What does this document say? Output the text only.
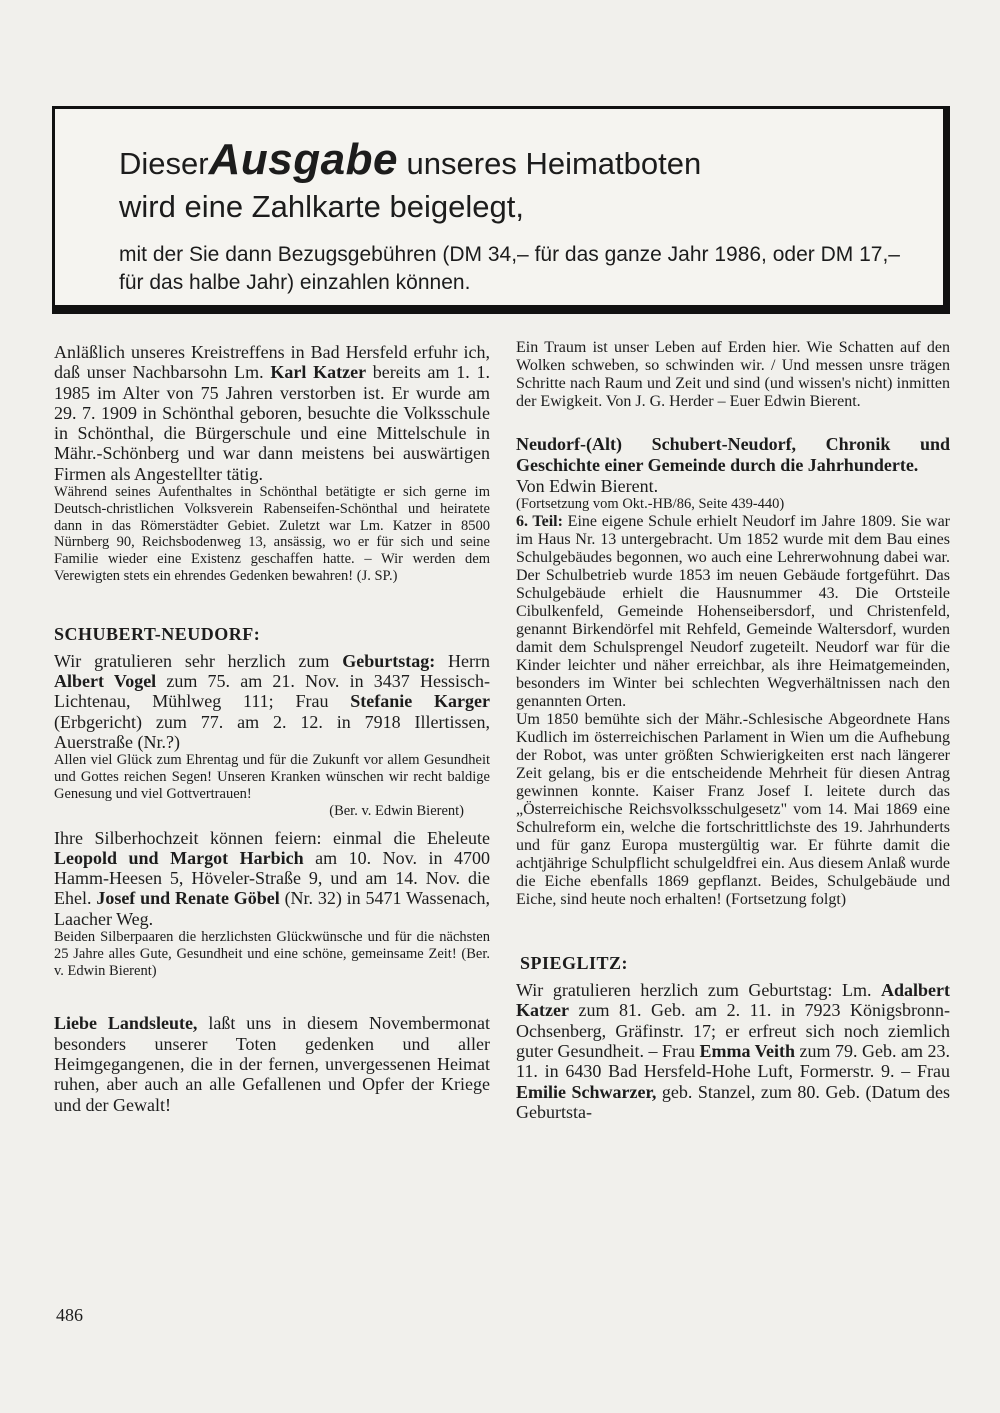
DieserAusgabe unseres Heimatboten
wird eine Zahlkarte beigelegt,
mit der Sie dann Bezugsgebühren (DM 34,– für das ganze Jahr 1986, oder DM 17,– für das halbe Jahr) einzahlen können.

Anläßlich unseres Kreistreffens in Bad Hersfeld erfuhr ich, daß unser Nachbarsohn Lm. Karl Katzer bereits am 1. 1. 1985 im Alter von 75 Jahren verstorben ist. Er wurde am 29. 7. 1909 in Schönthal geboren, besuchte die Volksschule in Schönthal, die Bürgerschule und eine Mittelschule in Mähr.-Schönberg und war dann meistens bei auswärtigen Firmen als Angestellter tätig.

Während seines Aufenthaltes in Schönthal betätigte er sich gerne im Deutsch-christlichen Volksverein Rabenseifen-Schönthal und heiratete dann in das Römerstädter Gebiet. Zuletzt war Lm. Katzer in 8500 Nürnberg 90, Reichsbodenweg 13, ansässig, wo er für sich und seine Familie wieder eine Existenz geschaffen hatte. – Wir werden dem Verewigten stets ein ehrendes Gedenken bewahren! (J. SP.)

SCHUBERT-NEUDORF:

Wir gratulieren sehr herzlich zum Geburtstag: Herrn Albert Vogel zum 75. am 21. Nov. in 3437 Hessisch-Lichtenau, Mühlweg 111; Frau Stefanie Karger (Erbgericht) zum 77. am 2. 12. in 7918 Illertissen, Auerstraße (Nr.?)

Allen viel Glück zum Ehrentag und für die Zukunft vor allem Gesundheit und Gottes reichen Segen! Unseren Kranken wünschen wir recht baldige Genesung und viel Gottvertrauen!

(Ber. v. Edwin Bierent)

Ihre Silberhochzeit können feiern: einmal die Eheleute Leopold und Margot Harbich am 10. Nov. in 4700 Hamm-Heesen 5, Höveler-Straße 9, und am 14. Nov. die Ehel. Josef und Renate Göbel (Nr. 32) in 5471 Wassenach, Laacher Weg.

Beiden Silberpaaren die herzlichsten Glückwünsche und für die nächsten 25 Jahre alles Gute, Gesundheit und eine schöne, gemeinsame Zeit! (Ber. v. Edwin Bierent)

Liebe Landsleute, laßt uns in diesem Novembermonat besonders unserer Toten gedenken und aller Heimgegangenen, die in der fernen, unvergessenen Heimat ruhen, aber auch an alle Gefallenen und Opfer der Kriege und der Gewalt!

Ein Traum ist unser Leben auf Erden hier. Wie Schatten auf den Wolken schweben, so schwinden wir. / Und messen unsre trägen Schritte nach Raum und Zeit und sind (und wissen's nicht) inmitten der Ewigkeit. Von J. G. Herder – Euer Edwin Bierent.

Neudorf-(Alt) Schubert-Neudorf, Chronik und Geschichte einer Gemeinde durch die Jahrhunderte.

Von Edwin Bierent.

(Fortsetzung vom Okt.-HB/86, Seite 439-440)

6. Teil: Eine eigene Schule erhielt Neudorf im Jahre 1809. Sie war im Haus Nr. 13 untergebracht. Um 1852 wurde mit dem Bau eines Schulgebäudes begonnen, wo auch eine Lehrerwohnung dabei war. Der Schulbetrieb wurde 1853 im neuen Gebäude fortgeführt. Das Schulgebäude erhielt die Hausnummer 43. Die Ortsteile Cibulkenfeld, Gemeinde Hohenseibersdorf, und Christenfeld, genannt Birkendörfel mit Rehfeld, Gemeinde Waltersdorf, wurden damit dem Schulsprengel Neudorf zugeteilt. Neudorf war für die Kinder leichter und näher erreichbar, als ihre Heimatgemeinden, besonders im Winter bei schlechten Wegverhältnissen nach den genannten Orten.

Um 1850 bemühte sich der Mähr.-Schlesische Abgeordnete Hans Kudlich im österreichischen Parlament in Wien um die Aufhebung der Robot, was unter größten Schwierigkeiten erst nach längerer Zeit gelang, bis er die entscheidende Mehrheit für diesen Antrag gewinnen konnte. Kaiser Franz Josef I. leitete durch das „Österreichische Reichsvolksschulgesetz" vom 14. Mai 1869 eine Schulreform ein, welche die fortschrittlichste des 19. Jahrhunderts und für ganz Europa mustergültig war. Er führte damit die achtjährige Schulpflicht schulgeldfrei ein. Aus diesem Anlaß wurde die Eiche ebenfalls 1869 gepflanzt. Beides, Schulgebäude und Eiche, sind heute noch erhalten! (Fortsetzung folgt)

SPIEGLITZ:

Wir gratulieren herzlich zum Geburtstag: Lm. Adalbert Katzer zum 81. Geb. am 2. 11. in 7923 Königsbronn-Ochsenberg, Gräfinstr. 17; er erfreut sich noch ziemlich guter Gesundheit. – Frau Emma Veith zum 79. Geb. am 23. 11. in 6430 Bad Hersfeld-Hohe Luft, Formerstr. 9. – Frau Emilie Schwarzer, geb. Stanzel, zum 80. Geb. (Datum des Geburtsta-

486
